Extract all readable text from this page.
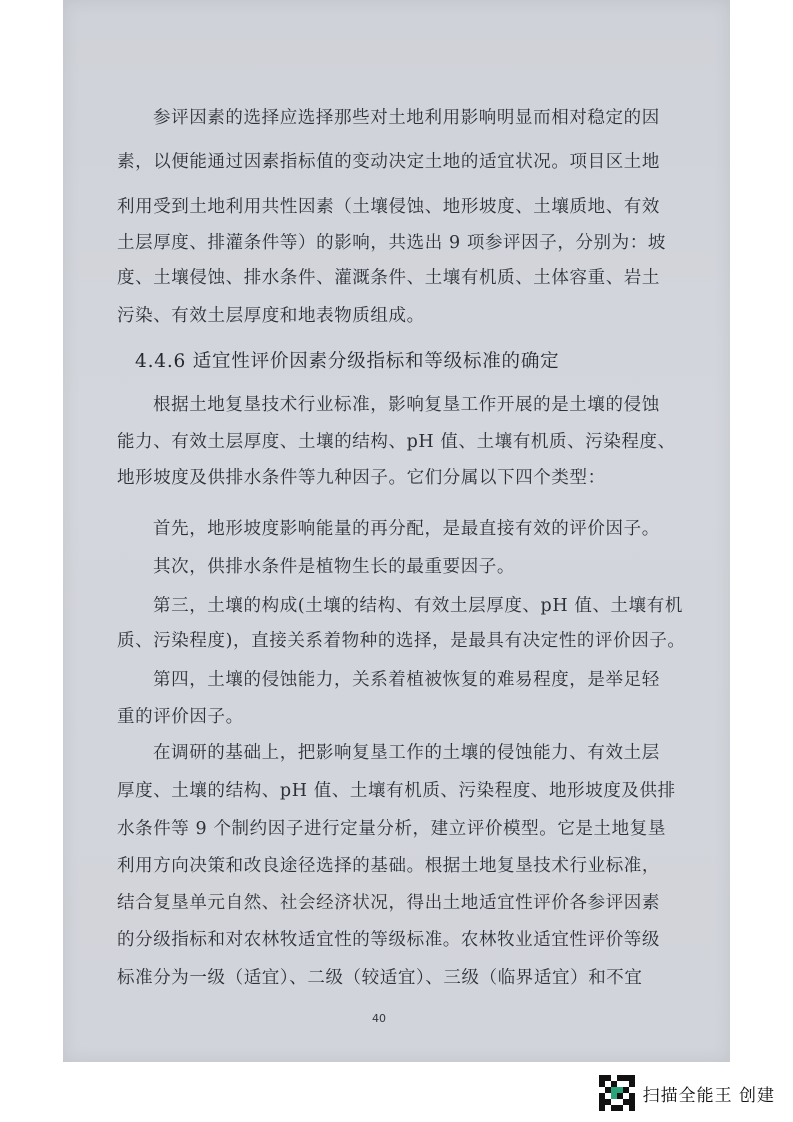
参评因素的选择应选择那些对土地利用影响明显而相对稳定的因
素，以便能通过因素指标值的变动决定土地的适宜状况。项目区土地
利用受到土地利用共性因素（土壤侵蚀、地形坡度、土壤质地、有效
土层厚度、排灌条件等）的影响，共选出 9 项参评因子，分别为：坡
度、土壤侵蚀、排水条件、灌溉条件、土壤有机质、土体容重、岩土
污染、有效土层厚度和地表物质组成。
4.4.6 适宜性评价因素分级指标和等级标准的确定
根据土地复垦技术行业标准，影响复垦工作开展的是土壤的侵蚀
能力、有效土层厚度、土壤的结构、pH 值、土壤有机质、污染程度、
地形坡度及供排水条件等九种因子。它们分属以下四个类型：
首先，地形坡度影响能量的再分配，是最直接有效的评价因子。
其次，供排水条件是植物生长的最重要因子。
第三，土壤的构成(土壤的结构、有效土层厚度、pH 值、土壤有机
质、污染程度)，直接关系着物种的选择，是最具有决定性的评价因子。
第四，土壤的侵蚀能力，关系着植被恢复的难易程度，是举足轻
重的评价因子。
在调研的基础上，把影响复垦工作的土壤的侵蚀能力、有效土层
厚度、土壤的结构、pH 值、土壤有机质、污染程度、地形坡度及供排
水条件等 9 个制约因子进行定量分析，建立评价模型。它是土地复垦
利用方向决策和改良途径选择的基础。根据土地复垦技术行业标准，
结合复垦单元自然、社会经济状况，得出土地适宜性评价各参评因素
的分级指标和对农林牧适宜性的等级标准。农林牧业适宜性评价等级
标准分为一级（适宜）、二级（较适宜）、三级（临界适宜）和不宜
40
扫描全能王 创建
